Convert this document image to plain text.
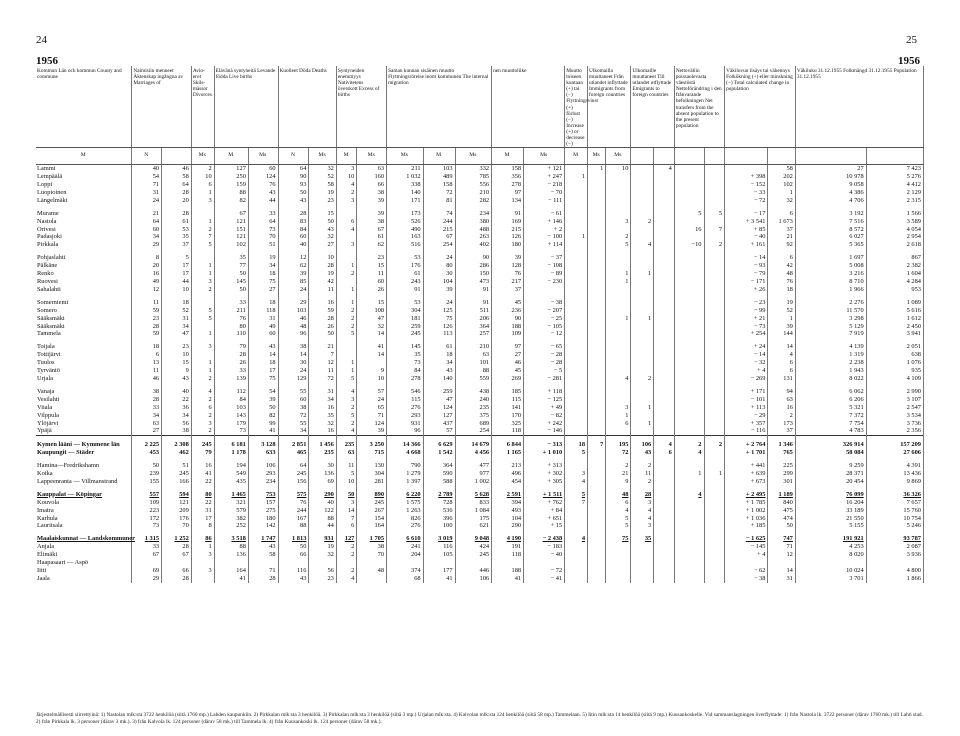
24	25
1956	1956
Kommun Län och kommun County and commune	Naimisiin menneet Äktenskap ingångna av Marriages of		Avio-erot Skils-mässor Divorces	Elävänä syntyneitä Levande födda Live births		Kuolleet Döda Deaths		Syntyneiden enemmyys Nativitetens överskott Excess of births		Saman kunnan sisäinen muutto Flyttningsrörelse inom kommunen The internal migration			nen muuttoliike		Muutto toiseen kuntaan (+) tai (−) Flyttningsvinst (+) förlust (−) Increase (+) or decrease (−)	Ulkomailla muuttaneet Från utlandet inflyttade Immigrants from foreign countries		Ulkomaille muuttaneet Till utlandet utflyttade Emigrants to foreign countries		Nettoväliin poissaolevasta väestöstä Nettoförändring i den frånvarande befolkningen Net transfers from the absent population to the present population		Väkiluvun lisäys tai vähennys Folkökning (+) eller minskning (−) Total calculated change in population		Väkiluku 31.12.1955 Folkmängd 31.12.1955 Population 31.12.1955	
M	N		Ms	M	Ms	N	Ms	M	Ms	Ms	M	Ms	M	Ms	M	Ms	Ms								
Lammi	40	46	2	127	60	64	32	3	63	211	103	332	158	+ 121		1	10		4				58	27	7 423
Lempäälä	54	58	10	250	124	90	52	10	160	1 032	489	785	356	+ 247	1							+ 398	202	10 978	5 276
Loppi	71	64	6	159	76	93	58	4	66	338	158	556	278	− 218								− 152	102	9 058	4 412
Luopioinen	31	28	1	88	43	50	19	2	38	140	72	210	97	− 70								− 33	1	4 386	2 129
Längelmäki	24	20	3	82	44	43	23	3	39	171	81	282	134	− 111								− 72	32	4 706	2 315

Murame	21	28		67	33	28	15		39	173	74	234	91	− 61						5	5	− 17	6	3 192	1 566
Nastola	64	61	1	121	64	83	50	6	38	526	244	380	169	+ 146			3	2				+ 3 541	1 673	7 516	3 589
Orivesi	60	53	2	151	73	84	43	4	67	490	215	488	215	+ 2						16	7	+ 85	37	8 572	4 054
Padasjoki	34	35	7	121	70	60	32		61	163	67	263	126	− 100	1		2					− 40	21	6 027	2 954
Pirkkala	29	37	5	102	51	40	27	3	62	516	254	402	180	+ 114			5	4		−10	2	+ 161	92	5 365	2 618

Pohjaslahti	8	5		35	19	12	10		23	53	24	90	39	− 37								− 14	6	1 697	867
Pälkäne	20	17	1	77	34	62	28	1	15	176	80	286	128	− 108								− 93	42	5 008	2 382
Renko	16	17	1	50	18	39	19	2	11	61	30	150	76	− 89			1	1				− 79	48	3 216	1 604
Ruovesi	49	44	3	145	75	85	42		60	243	104	473	217	− 230			1					− 171	76	8 710	4 284
Sahalahti	12	10	2	50	27	24	11	1	26	91	39	91	37									+ 26	18	1 966	953

Somerniemi	11	18		33	18	29	16	1	15	53	24	91	45	− 38								− 23	19	2 276	1 089
Somero	59	52	5	211	118	103	59	2	108	304	125	511	236	− 207								− 99	52	11 570	5 616
Sääksmäki	23	31	5	76	31	46	28	2	47	181	75	206	90	− 25			1	1				+ 21	1	3 298	1 612
Sääksmäki	28	34		80	49	48	26	2	32	259	126	364	188	− 105								− 73	39	5 129	2 450
Tammela	59	47	1	110	60	96	50	5	14	245	113	257	109	− 12								+ 254	144	7 919	3 941

Toijala	18	23	3	79	43	38	21		41	145	61	210	97	− 65								+ 24	14	4 139	2 051
Tottijärvi	6	10		28	14	14	7		14	35	18	63	27	− 28								− 14	4	1 319	638
Tuulos	13	15	1	26	18	30	12	1		73	34	101	46	− 28								− 32	6	2 238	1 076
Tyrväntö	11	9	1	33	17	24	11	1	9	84	43	88	45	− 5								+ 4	6	1 943	935
Urjala	46	43	2	139	75	129	72	5	10	278	140	559	269	− 281			4	2				− 269	131	8 022	4 109

Vanaja	38	40	4	112	54	55	31	4	57	546	259	438	185	+ 118								+ 171	94	6 062	2 990
Vesilahti	28	22	2	84	39	60	34	3	24	115	47	240	115	− 125								− 101	63	6 206	3 107
Viiala	33	36	6	103	50	38	16	2	65	276	124	235	141	+ 49			3	1				+ 113	16	5 321	2 547
Vilppula	34	34	2	143	82	72	35	5	71	293	127	375	170	− 82			1					− 29	2	7 372	3 534
Ylöjärvi	63	56	3	179	99	55	32	2	124	931	437	689	325	+ 242			6	1				+ 357	173	7 754	3 736
Ypäjä	27	38	2	73	41	34	16	4	39	96	57	254	118	− 146								− 116	37	4 783	2 356

Kymen lääni — Kymmene län	2 225	2 308	245	6 181	3 128	2 851	1 456	235	3 250	14 366	6 629	14 679	6 844	− 313	18	7	195	106	4	2	2	+ 2 764	1 346	326 914	157 209
Kaupungit — Städer	453	462	79	1 178	633	465	235	63	715	4 668	1 542	4 456	1 165	+ 1 010	5		72	43	6	4		+ 1 701	765	58 084	27 606

Hamina—Fredrikshamn	50	51	16	194	106	64	30	11	130	790	364	477	213	+ 313			2	2				+ 441	225	9 259	4 391
Kotka	239	245	41	549	293	245	136	5	304	1 279	590	977	496	+ 302	3		21	11		1	1	+ 639	299	28 371	13 436
Lappeenranta — Villmanstrand	155	166	22	435	234	156	69	10	281	1 397	588	1 002	454	+ 305	4		9	2				+ 673	301	20 454	9 869

Kauppalat — Köpingar	557	594	80	1 465	753	575	290	50	890	6 220	2 789	5 628	2 591	+ 1 511	5		48	28		4		+ 2 495	1 189	76 099	36 326
Kouvola	109	121	22	321	157	76	40	3	245	1 575	728	833	394	+ 762	7		6	3				+ 1 785	840	16 204	7 657
Imatra	223	209	31	579	275	244	122	14	267	1 263	536	1 084	493	+ 84			4	4				+ 1 002	475	33 189	15 760
Karhula	172	176	17	382	180	167	88	7	154	826	396	175	104	+ 651			5	4				+ 1 036	474	21 550	10 754
Lauritsala	73	70	8	252	142	88	44	6	164	276	100	621	290	+ 15			5	3				+ 185	50	5 155	5 246

Maalaiskunnat — Landskommuner	1 315	1 252	86	3 518	1 747	1 813	931	127	1 705	6 610	3 019	9 048	4 190	− 2 438	4		75	35				− 1 625	747	191 921	93 787
Anjala	33	28	1	88	43	50	19	2	38	241	116	424	191	− 183								− 145	71	4 253	2 087
Elimäki	67	67	3	136	58	66	32	2	70	204	105	245	118	− 40								+ 4	12	8 020	3 936
Haapasaari — Aspö																									
Iitti	69	66	3	164	71	116	56	2	48	374	177	446	188	− 72								− 62	14	10 024	4 800
Jaala	29	28		41	28	43	23	4		68	41	106	41	− 41								− 38	31	3 701	1 866
Järjestelmällisesti siirrettyinä: 1) Nastolan mlk:sta 3722 henkilöä (siitä 1760 mp.) Lahden kaupunkiin. 2) Pirkkalan mlk:sta 3 henkilöä. 3) Pirkkalan mlk:sta 3 henkilöä (siitä 3 mp.) Urjalan mlk:sta. 4) Kalvolan mlk:sta 124 henkilöä (siitä 58 mp.) Tammelaan. 5) Iitin mlk:sta 14 henkilöä (siitä 9 mp.) Kuusankoskelle. Vid sammanslagningen överflyttade: 1) från Nastola lk. 3722 personer (därav 1760 mk.) till Lahti stad. 2) från Pirkkala lk. 3 personer (därav 3 mk.). 3) från Kalvola lk. 124 personer (därav 58 mk.) till Tammela lk. 4) från Kuusankoski lk. 124 personer (därav 58 mk.).
